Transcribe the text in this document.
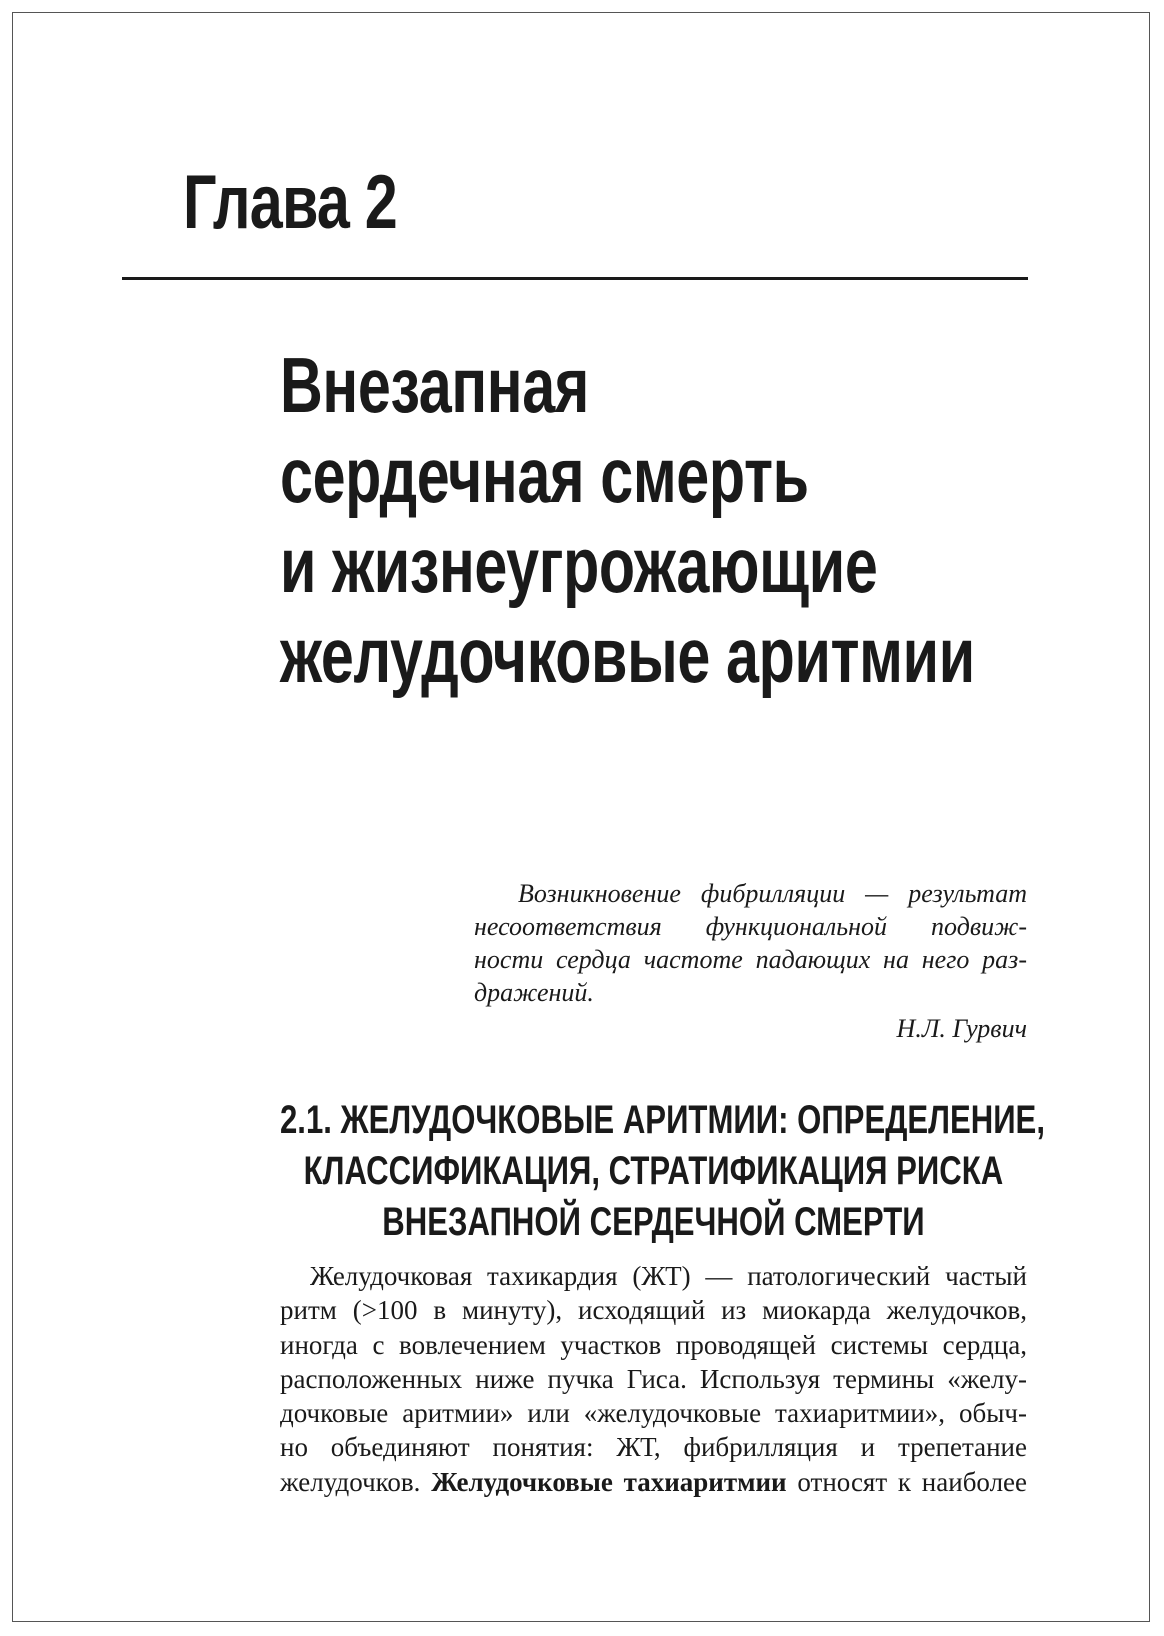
Глава 2
Внезапная
сердечная смерть
и жизнеугрожающие
желудочковые аритмии
Возникновение фибрилляции — результат
несоответствия функциональной подвиж-
ности сердца частоте падающих на него раз-
дражений.
Н.Л. Гурвич
2.1. ЖЕЛУДОЧКОВЫЕ АРИТМИИ: ОПРЕДЕЛЕНИЕ,
КЛАССИФИКАЦИЯ, СТРАТИФИКАЦИЯ РИСКА
ВНЕЗАПНОЙ СЕРДЕЧНОЙ СМЕРТИ
Желудочковая тахикардия (ЖТ) — патологический частый
ритм (>100 в минуту), исходящий из миокарда желудочков,
иногда с вовлечением участков проводящей системы сердца,
расположенных ниже пучка Гиса. Используя термины «желу-
дочковые аритмии» или «желудочковые тахиаритмии», обыч-
но объединяют понятия: ЖТ, фибрилляция и трепетание
желудочков. Желудочковые тахиаритмии относят к наиболее
